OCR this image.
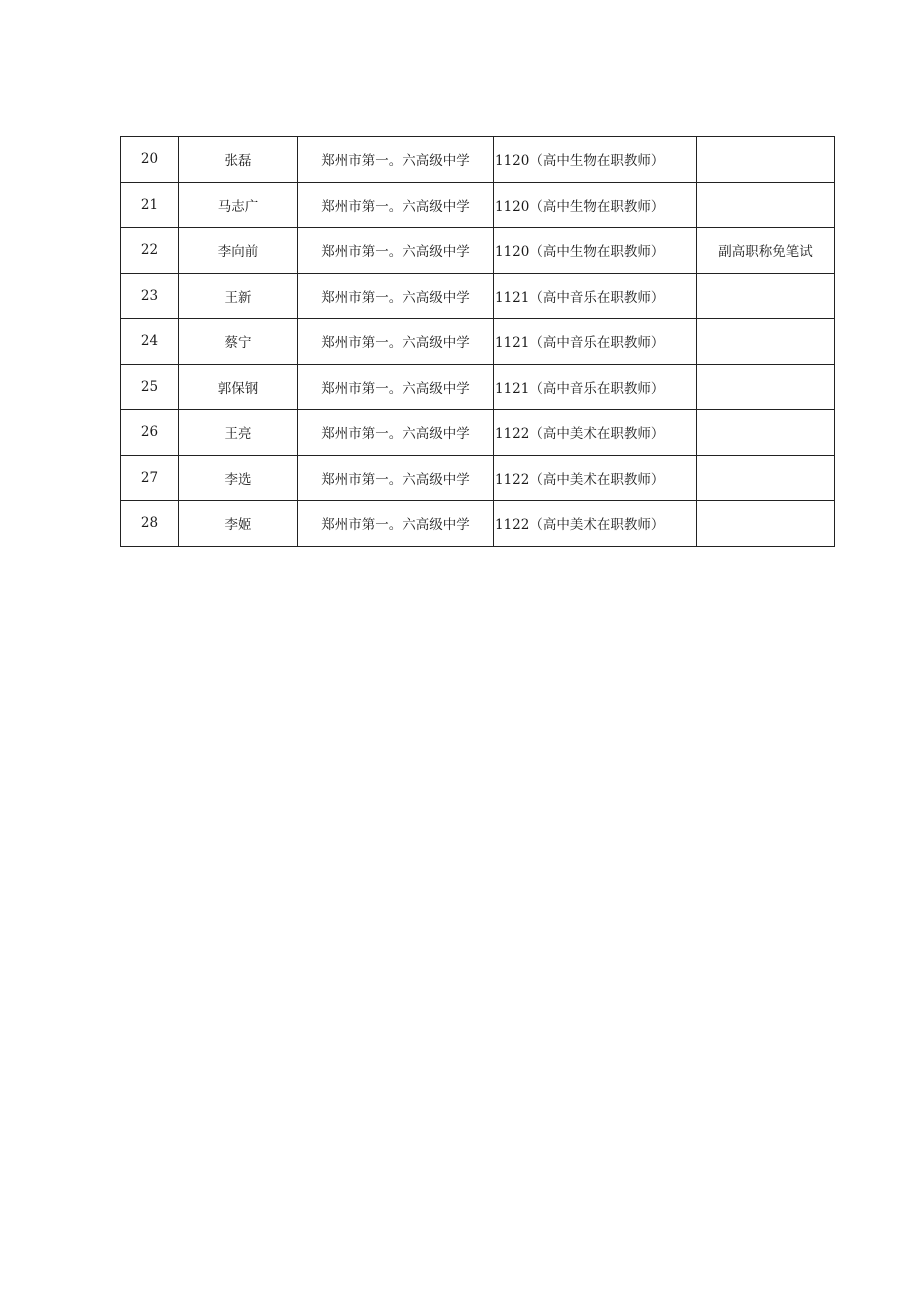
20	张磊	郑州市第一。六高级中学	1120（高中生物在职教师）	
21	马志广	郑州市第一。六高级中学	1120（高中生物在职教师）	
22	李向前	郑州市第一。六高级中学	1120（高中生物在职教师）	副高职称免笔试
23	王新	郑州市第一。六高级中学	1121（高中音乐在职教师）	
24	蔡宁	郑州市第一。六高级中学	1121（高中音乐在职教师）	
25	郭保钢	郑州市第一。六高级中学	1121（高中音乐在职教师）	
26	王亮	郑州市第一。六高级中学	1122（高中美术在职教师）	
27	李选	郑州市第一。六高级中学	1122（高中美术在职教师）	
28	李姬	郑州市第一。六高级中学	1122（高中美术在职教师）	
